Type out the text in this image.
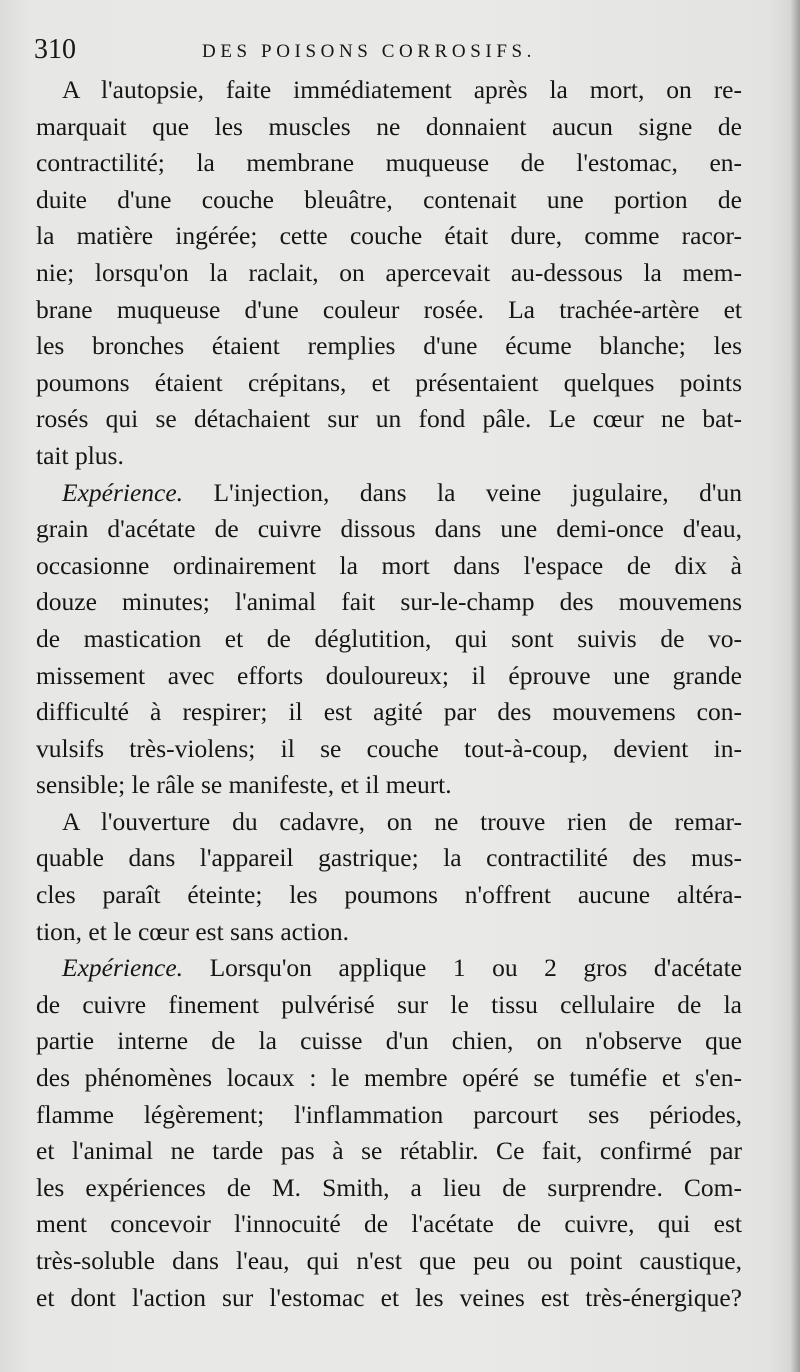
310	DES POISONS CORROSIFS.
A l'autopsie, faite immédiatement après la mort, on re-
marquait que les muscles ne donnaient aucun signe de
contractilité; la membrane muqueuse de l'estomac, en-
duite d'une couche bleuâtre, contenait une portion de
la matière ingérée; cette couche était dure, comme racor-
nie; lorsqu'on la raclait, on apercevait au-dessous la mem-
brane muqueuse d'une couleur rosée. La trachée-artère et
les bronches étaient remplies d'une écume blanche; les
poumons étaient crépitans, et présentaient quelques points
rosés qui se détachaient sur un fond pâle. Le cœur ne bat-
tait plus.
Expérience. L'injection, dans la veine jugulaire, d'un
grain d'acétate de cuivre dissous dans une demi-once d'eau,
occasionne ordinairement la mort dans l'espace de dix à
douze minutes; l'animal fait sur-le-champ des mouvemens
de mastication et de déglutition, qui sont suivis de vo-
missement avec efforts douloureux; il éprouve une grande
difficulté à respirer; il est agité par des mouvemens con-
vulsifs très-violens; il se couche tout-à-coup, devient in-
sensible; le râle se manifeste, et il meurt.
A l'ouverture du cadavre, on ne trouve rien de remar-
quable dans l'appareil gastrique; la contractilité des mus-
cles paraît éteinte; les poumons n'offrent aucune altéra-
tion, et le cœur est sans action.
Expérience. Lorsqu'on applique 1 ou 2 gros d'acétate
de cuivre finement pulvérisé sur le tissu cellulaire de la
partie interne de la cuisse d'un chien, on n'observe que
des phénomènes locaux : le membre opéré se tuméfie et s'en-
flamme légèrement; l'inflammation parcourt ses périodes,
et l'animal ne tarde pas à se rétablir. Ce fait, confirmé par
les expériences de M. Smith, a lieu de surprendre. Com-
ment concevoir l'innocuité de l'acétate de cuivre, qui est
très-soluble dans l'eau, qui n'est que peu ou point caustique,
et dont l'action sur l'estomac et les veines est très-énergique?
